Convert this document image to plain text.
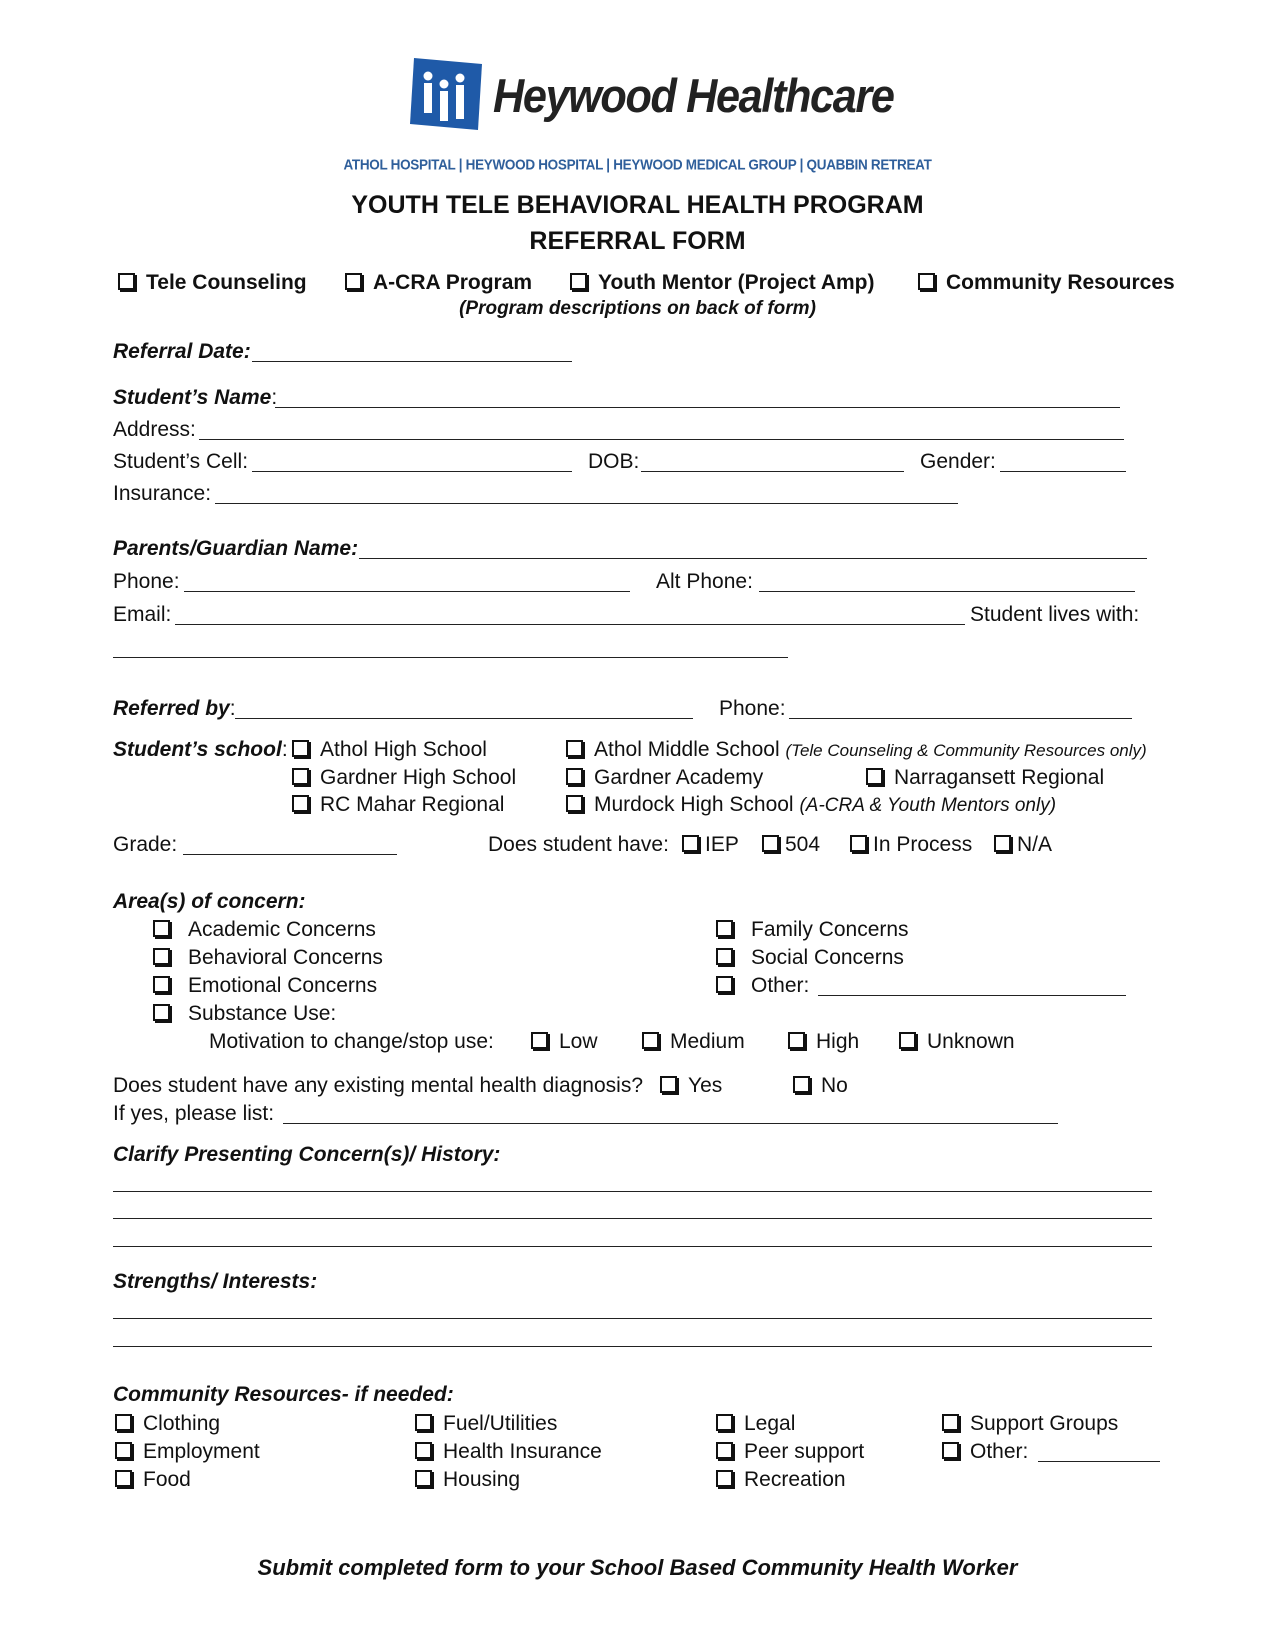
Heywood Healthcare
ATHOL HOSPITAL | HEYWOOD HOSPITAL | HEYWOOD MEDICAL GROUP | QUABBIN RETREAT
YOUTH TELE BEHAVIORAL HEALTH PROGRAM
REFERRAL FORM
Tele Counseling	A-CRA Program	Youth Mentor (Project Amp)	Community Resources
(Program descriptions on back of form)
Referral Date:
Student’s Name:
Address:
Student’s Cell:	DOB:	Gender:
Insurance:
Parents/Guardian Name:
Phone:	Alt Phone:
Email:	Student lives with:
Referred by:	Phone:
Student’s school:	Athol High School	Athol Middle School (Tele Counseling & Community Resources only)
Gardner High School	Gardner Academy	Narragansett Regional
RC Mahar Regional	Murdock High School (A-CRA & Youth Mentors only)
Grade:	Does student have:	IEP	504	In Process	N/A
Area(s) of concern:
Academic Concerns
Behavioral Concerns
Emotional Concerns
Substance Use:
Family Concerns
Social Concerns
Other:
Motivation to change/stop use:	Low	Medium	High	Unknown
Does student have any existing mental health diagnosis?	Yes	No
If yes, please list:
Clarify Presenting Concern(s)/ History:
Strengths/ Interests:
Community Resources- if needed:
Clothing
Employment
Food
Fuel/Utilities
Health Insurance
Housing
Legal
Peer support
Recreation
Support Groups
Other:
Submit completed form to your School Based Community Health Worker
